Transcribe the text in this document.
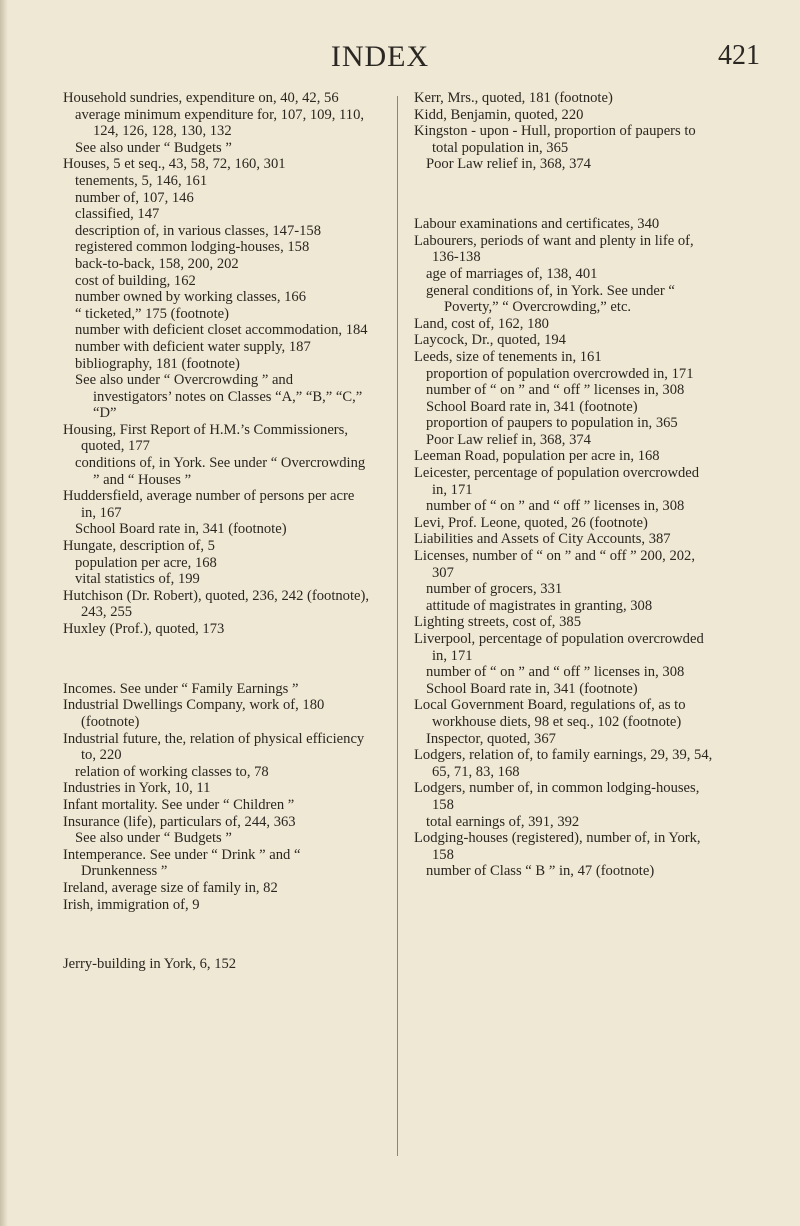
INDEX	421

Household sundries, expenditure on, 40, 42, 56

average minimum expenditure for, 107, 109, 110, 124, 126, 128, 130, 132

See also under “ Budgets ”

Houses, 5 et seq., 43, 58, 72, 160, 301

tenements, 5, 146, 161

number of, 107, 146

classified, 147

description of, in various classes, 147-158

registered common lodging-houses, 158

back-to-back, 158, 200, 202

cost of building, 162

number owned by working classes, 166

“ ticketed,” 175 (footnote)

number with deficient closet accommodation, 184

number with deficient water supply, 187

bibliography, 181 (footnote)

See also under “ Overcrowding ” and investigators’ notes on Classes “A,” “B,” “C,” “D”

Housing, First Report of H.M.’s Commissioners, quoted, 177

conditions of, in York. See under “ Overcrowding ” and “ Houses ”

Huddersfield, average number of persons per acre in, 167

School Board rate in, 341 (footnote)

Hungate, description of, 5

population per acre, 168

vital statistics of, 199

Hutchison (Dr. Robert), quoted, 236, 242 (footnote), 243, 255

Huxley (Prof.), quoted, 173

Incomes. See under “ Family Earnings ”

Industrial Dwellings Company, work of, 180 (footnote)

Industrial future, the, relation of physical efficiency to, 220

relation of working classes to, 78

Industries in York, 10, 11

Infant mortality. See under “ Children ”

Insurance (life), particulars of, 244, 363

See also under “ Budgets ”

Intemperance. See under “ Drink ” and “ Drunkenness ”

Ireland, average size of family in, 82

Irish, immigration of, 9

Jerry-building in York, 6, 152

Kerr, Mrs., quoted, 181 (footnote)

Kidd, Benjamin, quoted, 220

Kingston - upon - Hull, proportion of paupers to total population in, 365

Poor Law relief in, 368, 374

Labour examinations and certificates, 340

Labourers, periods of want and plenty in life of, 136-138

age of marriages of, 138, 401

general conditions of, in York. See under “ Poverty,” “ Overcrowding,” etc.

Land, cost of, 162, 180

Laycock, Dr., quoted, 194

Leeds, size of tenements in, 161

proportion of population overcrowded in, 171

number of “ on ” and “ off ” licenses in, 308

School Board rate in, 341 (footnote)

proportion of paupers to population in, 365

Poor Law relief in, 368, 374

Leeman Road, population per acre in, 168

Leicester, percentage of population overcrowded in, 171

number of “ on ” and “ off ” licenses in, 308

Levi, Prof. Leone, quoted, 26 (footnote)

Liabilities and Assets of City Accounts, 387

Licenses, number of “ on ” and “ off ” 200, 202, 307

number of grocers, 331

attitude of magistrates in granting, 308

Lighting streets, cost of, 385

Liverpool, percentage of population overcrowded in, 171

number of “ on ” and “ off ” licenses in, 308

School Board rate in, 341 (footnote)

Local Government Board, regulations of, as to workhouse diets, 98 et seq., 102 (footnote)

Inspector, quoted, 367

Lodgers, relation of, to family earnings, 29, 39, 54, 65, 71, 83, 168

Lodgers, number of, in common lodging-houses, 158

total earnings of, 391, 392

Lodging-houses (registered), number of, in York, 158

number of Class “ B ” in, 47 (footnote)
